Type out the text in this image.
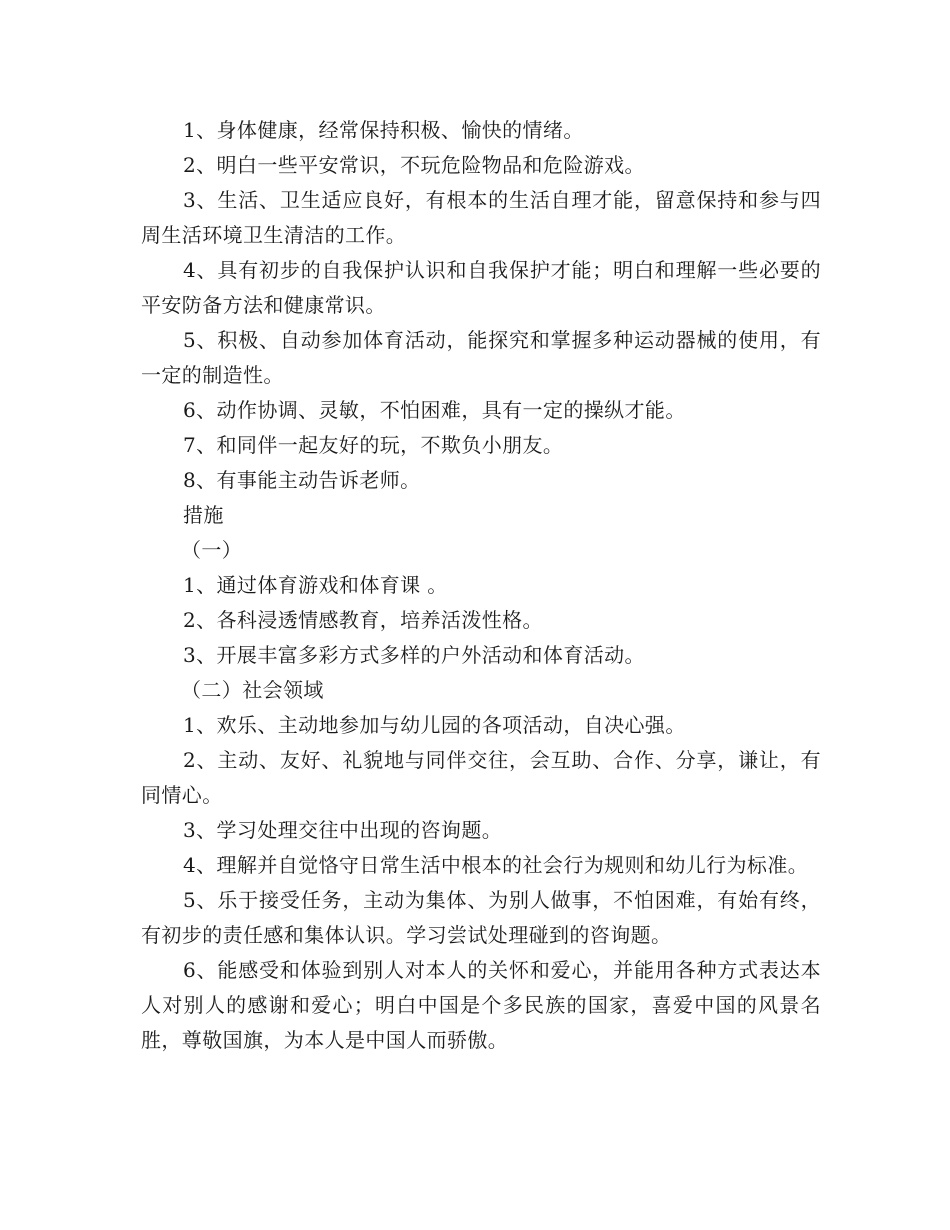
1、身体健康，经常保持积极、愉快的情绪。

2、明白一些平安常识，不玩危险物品和危险游戏。

3、生活、卫生适应良好，有根本的生活自理才能，留意保持和参与四周生活环境卫生清洁的工作。

4、具有初步的自我保护认识和自我保护才能；明白和理解一些必要的平安防备方法和健康常识。

5、积极、自动参加体育活动，能探究和掌握多种运动器械的使用，有一定的制造性。

6、动作协调、灵敏，不怕困难，具有一定的操纵才能。

7、和同伴一起友好的玩，不欺负小朋友。

8、有事能主动告诉老师。

措施

（一）

1、通过体育游戏和体育课 。

2、各科浸透情感教育，培养活泼性格。

3、开展丰富多彩方式多样的户外活动和体育活动。

（二）社会领域

1、欢乐、主动地参加与幼儿园的各项活动，自决心强。

2、主动、友好、礼貌地与同伴交往，会互助、合作、分享，谦让，有同情心。

3、学习处理交往中出现的咨询题。

4、理解并自觉恪守日常生活中根本的社会行为规则和幼儿行为标准。

5、乐于接受任务，主动为集体、为别人做事，不怕困难，有始有终，有初步的责任感和集体认识。学习尝试处理碰到的咨询题。

6、能感受和体验到别人对本人的关怀和爱心，并能用各种方式表达本人对别人的感谢和爱心；明白中国是个多民族的国家，喜爱中国的风景名胜，尊敬国旗，为本人是中国人而骄傲。
